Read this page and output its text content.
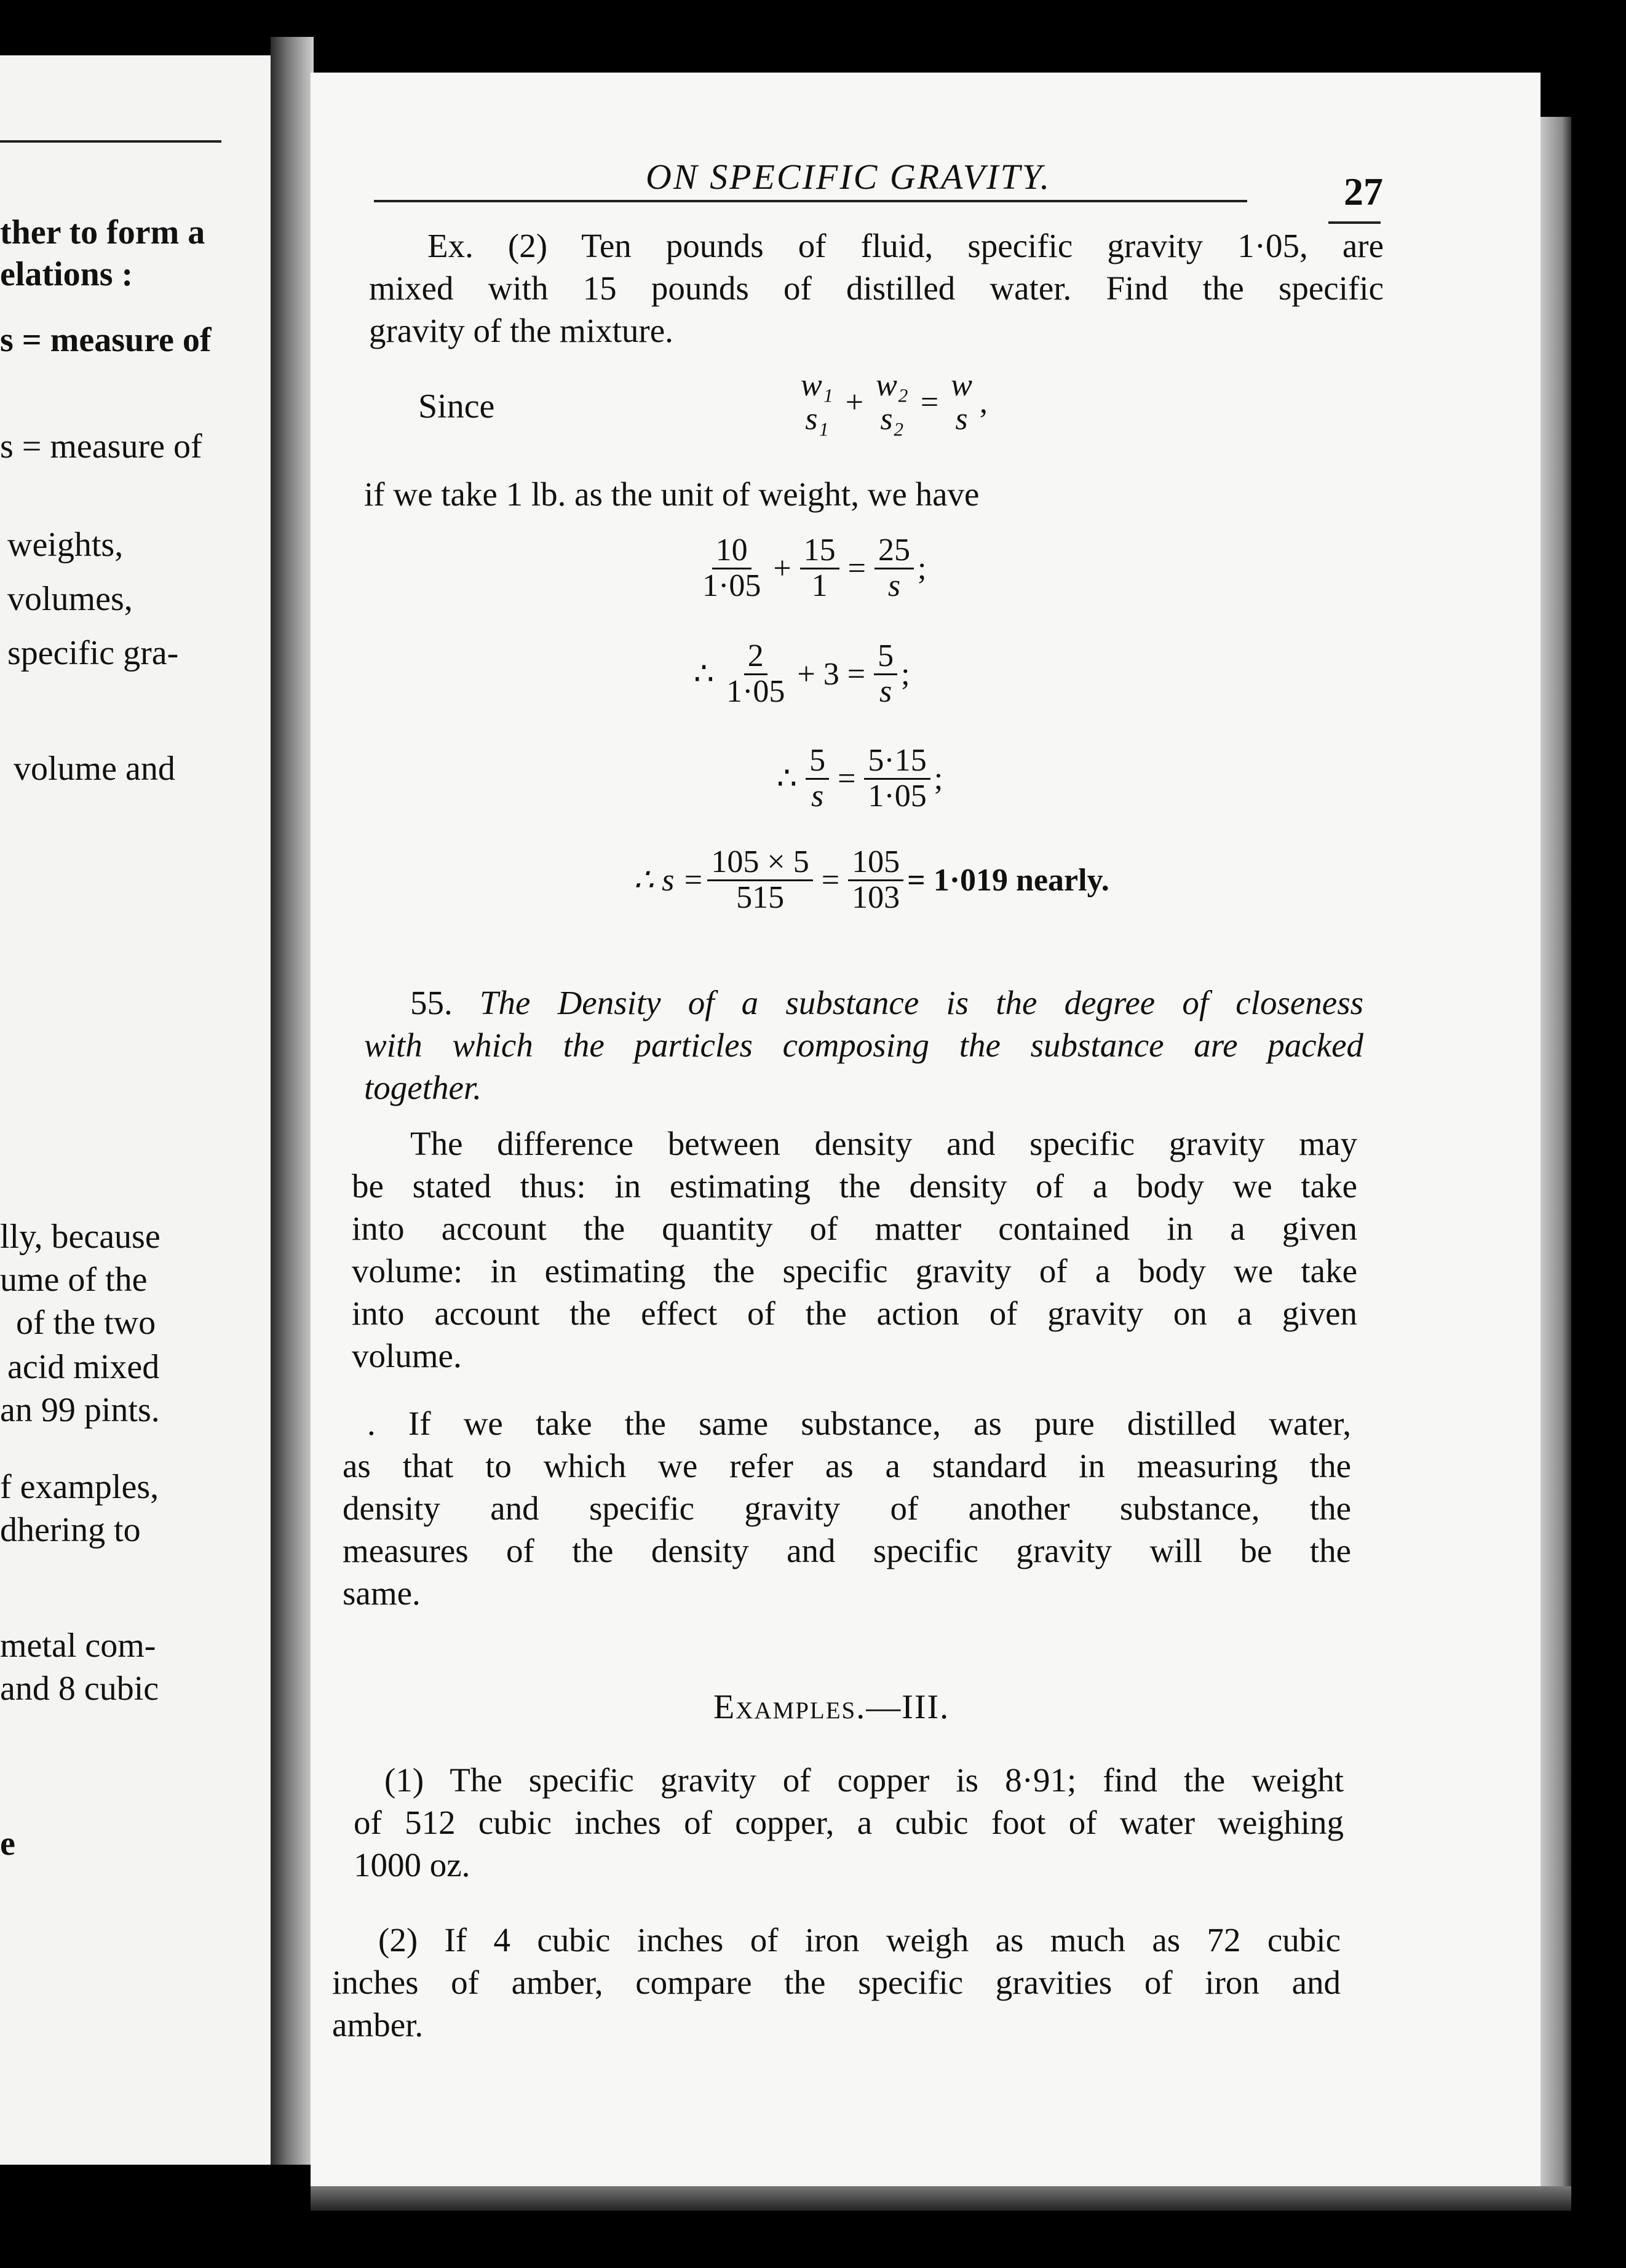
ther to form a
elations :
s = measure of
s = measure of
weights,
volumes,
specific gra-
volume and
lly, because
ume of the
of the two
acid mixed
an 99 pints.
f examples,
dhering to
metal com-
and 8 cubic
e
ON SPECIFIC GRAVITY.	27
Ex. (2) Ten pounds of fluid, specific gravity 1·05, are
mixed with 15 pounds of distilled water. Find the specific
gravity of the mixture.
Since
w₁
s₁ + w₂
s₂ = w
s ,
if we take 1 lb. as the unit of weight, we have
$\frac{10}{1\cdot 05} + \frac{15}{1} = \frac{25}{s}$ ;
∴ $\frac{2}{1\cdot 05} + 3 = \frac{5}{s}$ ;
∴ $\frac{5}{s} = \frac{5\cdot 15}{1\cdot 05}$ ;
∴ $s = \frac{105 \times 5}{515} = \frac{105}{103} = 1\cdot 019$ nearly.
55. The Density of a substance is the degree of closeness
with which the particles composing the substance are packed
together.
The difference between density and specific gravity may
be stated thus: in estimating the density of a body we take
into account the quantity of matter contained in a given
volume: in estimating the specific gravity of a body we take
into account the effect of the action of gravity on a given
volume.
. If we take the same substance, as pure distilled water,
as that to which we refer as a standard in measuring the
density and specific gravity of another substance, the
measures of the density and specific gravity will be the
same.
Examples.—III.
(1) The specific gravity of copper is 8·91; find the weight
of 512 cubic inches of copper, a cubic foot of water weighing
1000 oz.
(2) If 4 cubic inches of iron weigh as much as 72 cubic
inches of amber, compare the specific gravities of iron and
amber.
